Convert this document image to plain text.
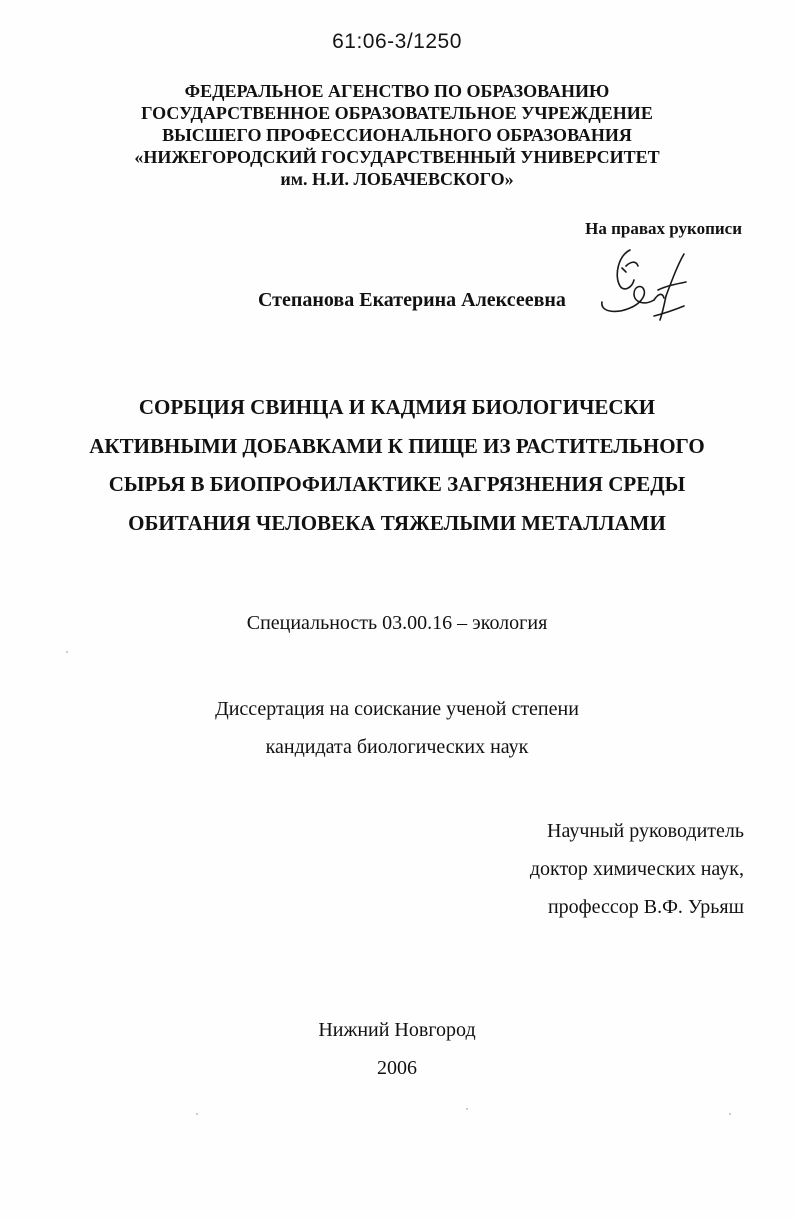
61:06-3/1250
ФЕДЕРАЛЬНОЕ АГЕНСТВО ПО ОБРАЗОВАНИЮ
ГОСУДАРСТВЕННОЕ ОБРАЗОВАТЕЛЬНОЕ УЧРЕЖДЕНИЕ
ВЫСШЕГО ПРОФЕССИОНАЛЬНОГО ОБРАЗОВАНИЯ
«НИЖЕГОРОДСКИЙ ГОСУДАРСТВЕННЫЙ УНИВЕРСИТЕТ
им. Н.И. ЛОБАЧЕВСКОГО»
На правах рукописи
Степанова Екатерина Алексеевна
СОРБЦИЯ СВИНЦА И КАДМИЯ БИОЛОГИЧЕСКИ
АКТИВНЫМИ ДОБАВКАМИ К ПИЩЕ ИЗ РАСТИТЕЛЬНОГО
СЫРЬЯ В БИОПРОФИЛАКТИКЕ ЗАГРЯЗНЕНИЯ СРЕДЫ
ОБИТАНИЯ ЧЕЛОВЕКА ТЯЖЕЛЫМИ МЕТАЛЛАМИ
Специальность 03.00.16 – экология
Диссертация на соискание ученой степени
кандидата биологических наук
Научный руководитель
доктор химических наук,
профессор В.Ф. Урьяш
Нижний Новгород
2006
